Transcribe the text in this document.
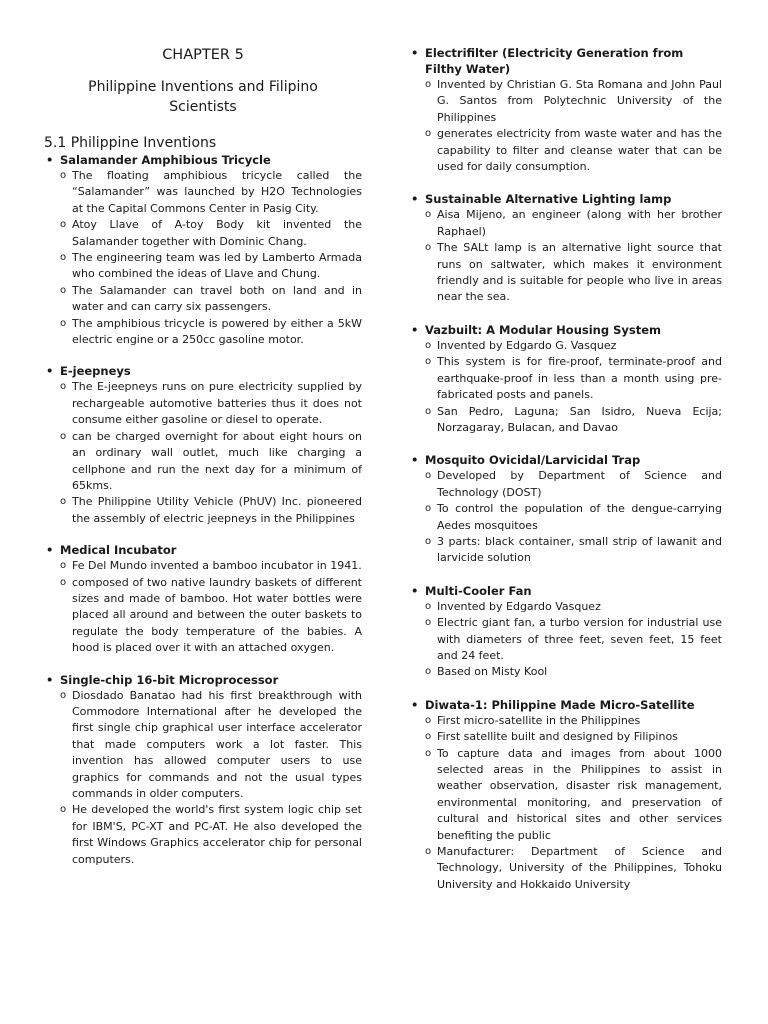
CHAPTER 5
Philippine Inventions and Filipino
Scientists
5.1 Philippine Inventions
• Salamander Amphibious Tricycle
o The floating amphibious tricycle called the “Salamander” was launched by H2O Technologies at the Capital Commons Center in Pasig City.
o Atoy Llave of A-toy Body kit invented the Salamander together with Dominic Chang.
o The engineering team was led by Lamberto Armada who combined the ideas of Llave and Chung.
o The Salamander can travel both on land and in water and can carry six passengers.
o The amphibious tricycle is powered by either a 5kW electric engine or a 250cc gasoline motor.
• E-jeepneys
o The E-jeepneys runs on pure electricity supplied by rechargeable automotive batteries thus it does not consume either gasoline or diesel to operate.
o can be charged overnight for about eight hours on an ordinary wall outlet, much like charging a cellphone and run the next day for a minimum of 65kms.
o The Philippine Utility Vehicle (PhUV) Inc. pioneered the assembly of electric jeepneys in the Philippines
• Medical Incubator
o Fe Del Mundo invented a bamboo incubator in 1941.
o composed of two native laundry baskets of different sizes and made of bamboo. Hot water bottles were placed all around and between the outer baskets to regulate the body temperature of the babies. A hood is placed over it with an attached oxygen.
• Single-chip 16-bit Microprocessor
o Diosdado Banatao had his first breakthrough with Commodore International after he developed the first single chip graphical user interface accelerator that made computers work a lot faster. This invention has allowed computer users to use graphics for commands and not the usual types commands in older computers.
o He developed the world's first system logic chip set for IBM'S, PC-XT and PC-AT. He also developed the first Windows Graphics accelerator chip for personal computers.
• Electrifilter (Electricity Generation from Filthy Water)
o Invented by Christian G. Sta Romana and John Paul G. Santos from Polytechnic University of the Philippines
o generates electricity from waste water and has the capability to filter and cleanse water that can be used for daily consumption.
• Sustainable Alternative Lighting lamp
o Aisa Mijeno, an engineer (along with her brother Raphael)
o The SALt lamp is an alternative light source that runs on saltwater, which makes it environment friendly and is suitable for people who live in areas near the sea.
• Vazbuilt: A Modular Housing System
o Invented by Edgardo G. Vasquez
o This system is for fire-proof, terminate-proof and earthquake-proof in less than a month using pre-fabricated posts and panels.
o San Pedro, Laguna; San Isidro, Nueva Ecija; Norzagaray, Bulacan, and Davao
• Mosquito Ovicidal/Larvicidal Trap
o Developed by Department of Science and Technology (DOST)
o To control the population of the dengue-carrying Aedes mosquitoes
o 3 parts: black container, small strip of lawanit and larvicide solution
• Multi-Cooler Fan
o Invented by Edgardo Vasquez
o Electric giant fan, a turbo version for industrial use with diameters of three feet, seven feet, 15 feet and 24 feet.
o Based on Misty Kool
• Diwata-1: Philippine Made Micro-Satellite
o First micro-satellite in the Philippines
o First satellite built and designed by Filipinos
o To capture data and images from about 1000 selected areas in the Philippines to assist in weather observation, disaster risk management, environmental monitoring, and preservation of cultural and historical sites and other services benefiting the public
o Manufacturer: Department of Science and Technology, University of the Philippines, Tohoku University and Hokkaido University
